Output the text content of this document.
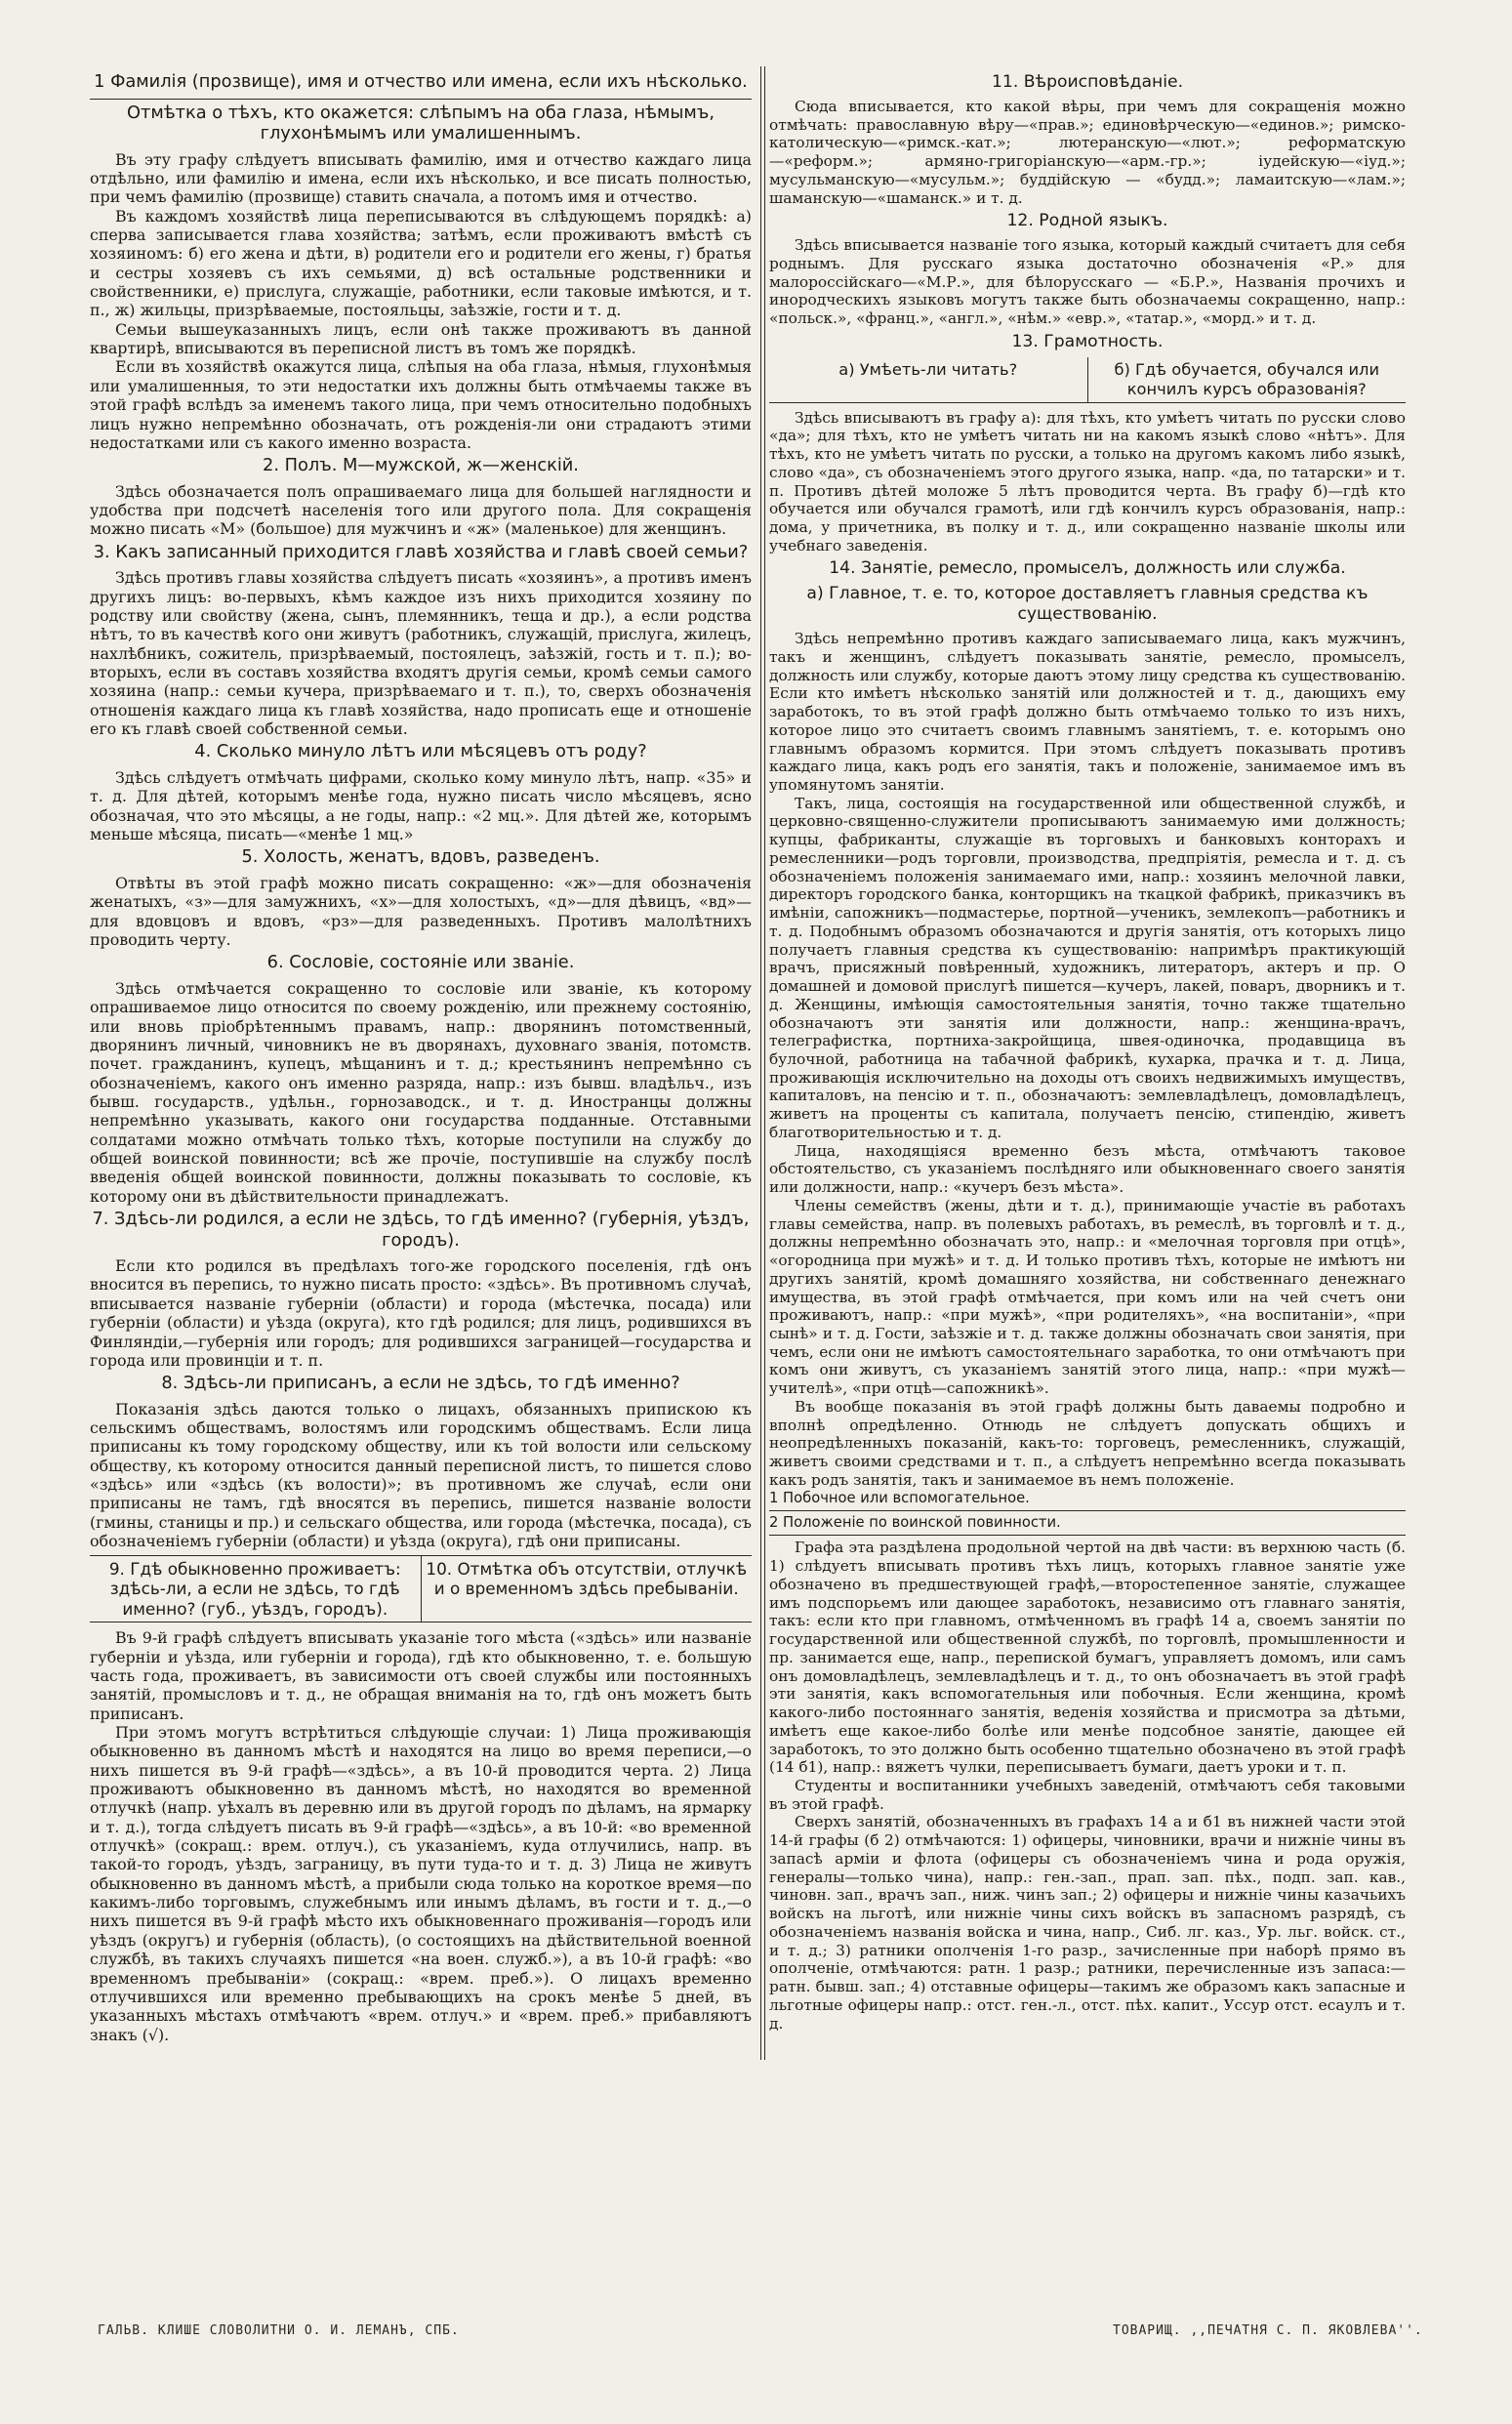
1 Фамилія (прозвище), имя и отчество или имена, если ихъ нѣсколько.
Отмѣтка о тѣхъ, кто окажется: слѣпымъ на оба глаза, нѣмымъ, глухонѣмымъ или умалишеннымъ.

Въ эту графу слѣдуетъ вписывать фамилію, имя и отчество каждаго лица отдѣльно, или фамилію и имена, если ихъ нѣсколько, и все писать полностью, при чемъ фамилію (прозвище) ставить сначала, а потомъ имя и отчество.

Въ каждомъ хозяйствѣ лица переписываются въ слѣдующемъ порядкѣ: а) сперва записывается глава хозяйства; затѣмъ, если проживаютъ вмѣстѣ съ хозяиномъ: б) его жена и дѣти, в) родители его и родители его жены, г) братья и сестры хозяевъ съ ихъ семьями, д) всѣ остальные родственники и свойственники, е) прислуга, служащіе, работники, если таковые имѣются, и т. п., ж) жильцы, призрѣваемые, постояльцы, заѣзжіе, гости и т. д.

Семьи вышеуказанныхъ лицъ, если онѣ также проживаютъ въ данной квартирѣ, вписываются въ переписной листъ въ томъ же порядкѣ.

Если въ хозяйствѣ окажутся лица, слѣпыя на оба глаза, нѣмыя, глухонѣмыя или умалишенныя, то эти недостатки ихъ должны быть отмѣчаемы также въ этой графѣ вслѣдъ за именемъ такого лица, при чемъ относительно подобныхъ лицъ нужно непремѣнно обозначать, отъ рожденія-ли они страдаютъ этими недостатками или съ какого именно возраста.

2. Полъ. М—мужской, ж—женскій.

Здѣсь обозначается полъ опрашиваемаго лица для большей наглядности и удобства при подсчетѣ населенія того или другого пола. Для сокращенія можно писать «М» (большое) для мужчинъ и «ж» (маленькое) для женщинъ.

3. Какъ записанный приходится главѣ хозяйства и главѣ своей семьи?

Здѣсь противъ главы хозяйства слѣдуетъ писать «хозяинъ», а противъ именъ другихъ лицъ: во-первыхъ, кѣмъ каждое изъ нихъ приходится хозяину по родству или свойству (жена, сынъ, племянникъ, теща и др.), а если родства нѣтъ, то въ качествѣ кого они живутъ (работникъ, служащій, прислуга, жилецъ, нахлѣбникъ, сожитель, призрѣваемый, постоялецъ, заѣзжій, гость и т. п.); во-вторыхъ, если въ составъ хозяйства входятъ другія семьи, кромѣ семьи самого хозяина (напр.: семьи кучера, призрѣваемаго и т. п.), то, сверхъ обозначенія отношенія каждаго лица къ главѣ хозяйства, надо прописать еще и отношеніе его къ главѣ своей собственной семьи.

4. Сколько минуло лѣтъ или мѣсяцевъ отъ роду?

Здѣсь слѣдуетъ отмѣчать цифрами, сколько кому минуло лѣтъ, напр. «35» и т. д. Для дѣтей, которымъ менѣе года, нужно писать число мѣсяцевъ, ясно обозначая, что это мѣсяцы, а не годы, напр.: «2 мц.». Для дѣтей же, которымъ меньше мѣсяца, писать—«менѣе 1 мц.»

5. Холость, женатъ, вдовъ, разведенъ.

Отвѣты въ этой графѣ можно писать сокращенно: «ж»—для обозначенія женатыхъ, «з»—для замужнихъ, «х»—для холостыхъ, «д»—для дѣвицъ, «вд»—для вдовцовъ и вдовъ, «рз»—для разведенныхъ. Противъ малолѣтнихъ проводить черту.

6. Сословіе, состояніе или званіе.

Здѣсь отмѣчается сокращенно то сословіе или званіе, къ которому опрашиваемое лицо относится по своему рожденію, или прежнему состоянію, или вновь пріобрѣтеннымъ правамъ, напр.: дворянинъ потомственный, дворянинъ личный, чиновникъ не въ дворянахъ, духовнаго званія, потомств. почет. гражданинъ, купецъ, мѣщанинъ и т. д.; крестьянинъ непремѣнно съ обозначеніемъ, какого онъ именно разряда, напр.: изъ бывш. владѣльч., изъ бывш. государств., удѣльн., горнозаводск., и т. д. Иностранцы должны непремѣнно указывать, какого они государства подданные. Отставными солдатами можно отмѣчать только тѣхъ, которые поступили на службу до общей воинской повинности; всѣ же прочіе, поступившіе на службу послѣ введенія общей воинской повинности, должны показывать то сословіе, къ которому они въ дѣйствительности принадлежатъ.

7. Здѣсь-ли родился, а если не здѣсь, то гдѣ именно? (губернія, уѣздъ, городъ).

Если кто родился въ предѣлахъ того-же городского поселенія, гдѣ онъ вносится въ перепись, то нужно писать просто: «здѣсь». Въ противномъ случаѣ, вписывается названіе губерніи (области) и города (мѣстечка, посада) или губерніи (области) и уѣзда (округа), кто гдѣ родился; для лицъ, родившихся въ Финляндіи,—губернія или городъ; для родившихся заграницей—государства и города или провинціи и т. п.

8. Здѣсь-ли приписанъ, а если не здѣсь, то гдѣ именно?

Показанія здѣсь даются только о лицахъ, обязанныхъ припискою къ сельскимъ обществамъ, волостямъ или городскимъ обществамъ. Если лица приписаны къ тому городскому обществу, или къ той волости или сельскому обществу, къ которому относится данный переписной листъ, то пишется слово «здѣсь» или «здѣсь (къ волости)»; въ противномъ же случаѣ, если они приписаны не тамъ, гдѣ вносятся въ перепись, пишется названіе волости (гмины, станицы и пр.) и сельскаго общества, или города (мѣстечка, посада), съ обозначеніемъ губерніи (области) и уѣзда (округа), гдѣ они приписаны.

9. Гдѣ обыкновенно проживаетъ: здѣсь-ли, а если не здѣсь, то гдѣ именно? (губ., уѣздъ, городъ).
10. Отмѣтка объ отсутствіи, отлучкѣ и о временномъ здѣсь пребываніи.

Въ 9-й графѣ слѣдуетъ вписывать указаніе того мѣста («здѣсь» или названіе губерніи и уѣзда, или губерніи и города), гдѣ кто обыкновенно, т. е. большую часть года, проживаетъ, въ зависимости отъ своей службы или постоянныхъ занятій, промысловъ и т. д., не обращая вниманія на то, гдѣ онъ можетъ быть приписанъ.

При этомъ могутъ встрѣтиться слѣдующіе случаи: 1) Лица проживающія обыкновенно въ данномъ мѣстѣ и находятся на лицо во время переписи,—о нихъ пишется въ 9-й графѣ—«здѣсь», а въ 10-й проводится черта. 2) Лица проживаютъ обыкновенно въ данномъ мѣстѣ, но находятся во временной отлучкѣ (напр. уѣхалъ въ деревню или въ другой городъ по дѣламъ, на ярмарку и т. д.), тогда слѣдуетъ писать въ 9-й графѣ—«здѣсь», а въ 10-й: «во временной отлучкѣ» (сокращ.: врем. отлуч.), съ указаніемъ, куда отлучились, напр. въ такой-то городъ, уѣздъ, заграницу, въ пути туда-то и т. д. 3) Лица не живутъ обыкновенно въ данномъ мѣстѣ, а прибыли сюда только на короткое время—по какимъ-либо торговымъ, служебнымъ или инымъ дѣламъ, въ гости и т. д.,—о нихъ пишется въ 9-й графѣ мѣсто ихъ обыкновеннаго проживанія—городъ или уѣздъ (округъ) и губернія (область), (о состоящихъ на дѣйствительной военной службѣ, въ такихъ случаяхъ пишется «на воен. служб.»), а въ 10-й графѣ: «во временномъ пребываніи» (сокращ.: «врем. преб.»). О лицахъ временно отлучившихся или временно пребывающихъ на срокъ менѣе 5 дней, въ указанныхъ мѣстахъ отмѣчаютъ «врем. отлуч.» и «врем. преб.» прибавляютъ знакъ (√).

11. Вѣроисповѣданіе.

Сюда вписывается, кто какой вѣры, при чемъ для сокращенія можно отмѣчать: православную вѣру—«прав.»; единовѣрческую—«единов.»; римско-католическую—«римск.-кат.»; лютеранскую—«лют.»; реформатскую—«реформ.»; армяно-григоріанскую—«арм.-гр.»; іудейскую—«іуд.»; мусульманскую—«мусульм.»; буддійскую — «будд.»; ламаитскую—«лам.»; шаманскую—«шаманск.» и т. д.

12. Родной языкъ.

Здѣсь вписывается названіе того языка, который каждый считаетъ для себя роднымъ. Для русскаго языка достаточно обозначенія «Р.» для малороссійскаго—«М.Р.», для бѣлорусскаго — «Б.Р.», Названія прочихъ и инородческихъ языковъ могутъ также быть обозначаемы сокращенно, напр.: «польск.», «франц.», «англ.», «нѣм.» «евр.», «татар.», «морд.» и т. д.

13. Грамотность.
а) Умѣеть-ли читать?	б) Гдѣ обучается, обучался или кончилъ курсъ образованія?

Здѣсь вписываютъ въ графу а): для тѣхъ, кто умѣетъ читать по русски слово «да»; для тѣхъ, кто не умѣетъ читать ни на какомъ языкѣ слово «нѣтъ». Для тѣхъ, кто не умѣетъ читать по русски, а только на другомъ какомъ либо языкѣ, слово «да», съ обозначеніемъ этого другого языка, напр. «да, по татарски» и т. п. Противъ дѣтей моложе 5 лѣтъ проводится черта. Въ графу б)—гдѣ кто обучается или обучался грамотѣ, или гдѣ кончилъ курсъ образованія, напр.: дома, у причетника, въ полку и т. д., или сокращенно названіе школы или учебнаго заведенія.

14. Занятіе, ремесло, промыселъ, должность или служба.
а) Главное, т. е. то, которое доставляетъ главныя средства къ существованію.

Здѣсь непремѣнно противъ каждаго записываемаго лица, какъ мужчинъ, такъ и женщинъ, слѣдуетъ показывать занятіе, ремесло, промыселъ, должность или службу, которые даютъ этому лицу средства къ существованію. Если кто имѣетъ нѣсколько занятій или должностей и т. д., дающихъ ему заработокъ, то въ этой графѣ должно быть отмѣчаемо только то изъ нихъ, которое лицо это считаетъ своимъ главнымъ занятіемъ, т. е. которымъ оно главнымъ образомъ кормится. При этомъ слѣдуетъ показывать противъ каждаго лица, какъ родъ его занятія, такъ и положеніе, занимаемое имъ въ упомянутомъ занятіи.

Такъ, лица, состоящія на государственной или общественной службѣ, и церковно-священно-служители прописываютъ занимаемую ими должность; купцы, фабриканты, служащіе въ торговыхъ и банковыхъ конторахъ и ремесленники—родъ торговли, производства, предпріятія, ремесла и т. д. съ обозначеніемъ положенія занимаемаго ими, напр.: хозяинъ мелочной лавки, директоръ городского банка, конторщикъ на ткацкой фабрикѣ, приказчикъ въ имѣніи, сапожникъ—подмастерье, портной—ученикъ, землекопъ—работникъ и т. д. Подобнымъ образомъ обозначаются и другія занятія, отъ которыхъ лицо получаетъ главныя средства къ существованію: напримѣръ практикующій врачъ, присяжный повѣренный, художникъ, литераторъ, актеръ и пр. О домашней и домовой прислугѣ пишется—кучеръ, лакей, поваръ, дворникъ и т. д. Женщины, имѣющія самостоятельныя занятія, точно также тщательно обозначаютъ эти занятія или должности, напр.: женщина-врачъ, телеграфистка, портниха-закройщица, швея-одиночка, продавщица въ булочной, работница на табачной фабрикѣ, кухарка, прачка и т. д. Лица, проживающія исключительно на доходы отъ своихъ недвижимыхъ имуществъ, капиталовъ, на пенсію и т. п., обозначаютъ: землевладѣлецъ, домовладѣлецъ, живетъ на проценты съ капитала, получаетъ пенсію, стипендію, живетъ благотворительностью и т. д.

Лица, находящіяся временно безъ мѣста, отмѣчаютъ таковое обстоятельство, съ указаніемъ послѣдняго или обыкновеннаго своего занятія или должности, напр.: «кучеръ безъ мѣста».

Члены семействъ (жены, дѣти и т. д.), принимающіе участіе въ работахъ главы семейства, напр. въ полевыхъ работахъ, въ ремеслѣ, въ торговлѣ и т. д., должны непремѣнно обозначать это, напр.: и «мелочная торговля при отцѣ», «огородница при мужѣ» и т. д. И только противъ тѣхъ, которые не имѣютъ ни другихъ занятій, кромѣ домашняго хозяйства, ни собственнаго денежнаго имущества, въ этой графѣ отмѣчается, при комъ или на чей счетъ они проживаютъ, напр.: «при мужѣ», «при родителяхъ», «на воспитаніи», «при сынѣ» и т. д. Гости, заѣзжіе и т. д. также должны обозначать свои занятія, при чемъ, если они не имѣютъ самостоятельнаго заработка, то они отмѣчаютъ при комъ они живутъ, съ указаніемъ занятій этого лица, напр.: «при мужѣ—учителѣ», «при отцѣ—сапожникѣ».

Въ вообще показанія въ этой графѣ должны быть даваемы подробно и вполнѣ опредѣленно. Отнюдь не слѣдуетъ допускать общихъ и неопредѣленныхъ показаній, какъ-то: торговецъ, ремесленникъ, служащій, живетъ своими средствами и т. п., а слѣдуетъ непремѣнно всегда показывать какъ родъ занятія, такъ и занимаемое въ немъ положеніе.

1 Побочное или вспомогательное.
2 Положеніе по воинской повинности.

Графа эта раздѣлена продольной чертой на двѣ части: въ верхнюю часть (б. 1) слѣдуетъ вписывать противъ тѣхъ лицъ, которыхъ главное занятіе уже обозначено въ предшествующей графѣ,—второстепенное занятіе, служащее имъ подспорьемъ или дающее заработокъ, независимо отъ главнаго занятія, такъ: если кто при главномъ, отмѣченномъ въ графѣ 14 а, своемъ занятіи по государственной или общественной службѣ, по торговлѣ, промышленности и пр. занимается еще, напр., перепиской бумагъ, управляетъ домомъ, или самъ онъ домовладѣлецъ, землевладѣлецъ и т. д., то онъ обозначаетъ въ этой графѣ эти занятія, какъ вспомогательныя или побочныя. Если женщина, кромѣ какого-либо постояннаго занятія, веденія хозяйства и присмотра за дѣтьми, имѣетъ еще какое-либо болѣе или менѣе подсобное занятіе, дающее ей заработокъ, то это должно быть особенно тщательно обозначено въ этой графѣ (14 б1), напр.: вяжетъ чулки, переписываетъ бумаги, даетъ уроки и т. п.

Студенты и воспитанники учебныхъ заведеній, отмѣчаютъ себя таковыми въ этой графѣ.

Сверхъ занятій, обозначенныхъ въ графахъ 14 а и б1 въ нижней части этой 14-й графы (б 2) отмѣчаются: 1) офицеры, чиновники, врачи и нижніе чины въ запасѣ арміи и флота (офицеры съ обозначеніемъ чина и рода оружія, генералы—только чина), напр.: ген.-зап., прап. зап. пѣх., подп. зап. кав., чиновн. зап., врачъ зап., ниж. чинъ зап.; 2) офицеры и нижніе чины казачьихъ войскъ на льготѣ, или нижніе чины сихъ войскъ въ запасномъ разрядѣ, съ обозначеніемъ названія войска и чина, напр., Сиб. лг. каз., Ур. льг. войск. ст., и т. д.; 3) ратники ополченія 1-го разр., зачисленные при наборѣ прямо въ ополченіе, отмѣчаются: ратн. 1 разр.; ратники, перечисленные изъ запаса:—ратн. бывш. зап.; 4) отставные офицеры—такимъ же образомъ какъ запасные и льготные офицеры напр.: отст. ген.-л., отст. пѣх. капит., Уссур отст. есаулъ и т. д.

ГАЛЬВ. КЛИШЕ СЛОВОЛИТНИ О. И. ЛЕМАНЪ, СПБ.	ТОВАРИЩ. ,,ПЕЧАТНЯ С. П. ЯКОВЛЕВА''.
